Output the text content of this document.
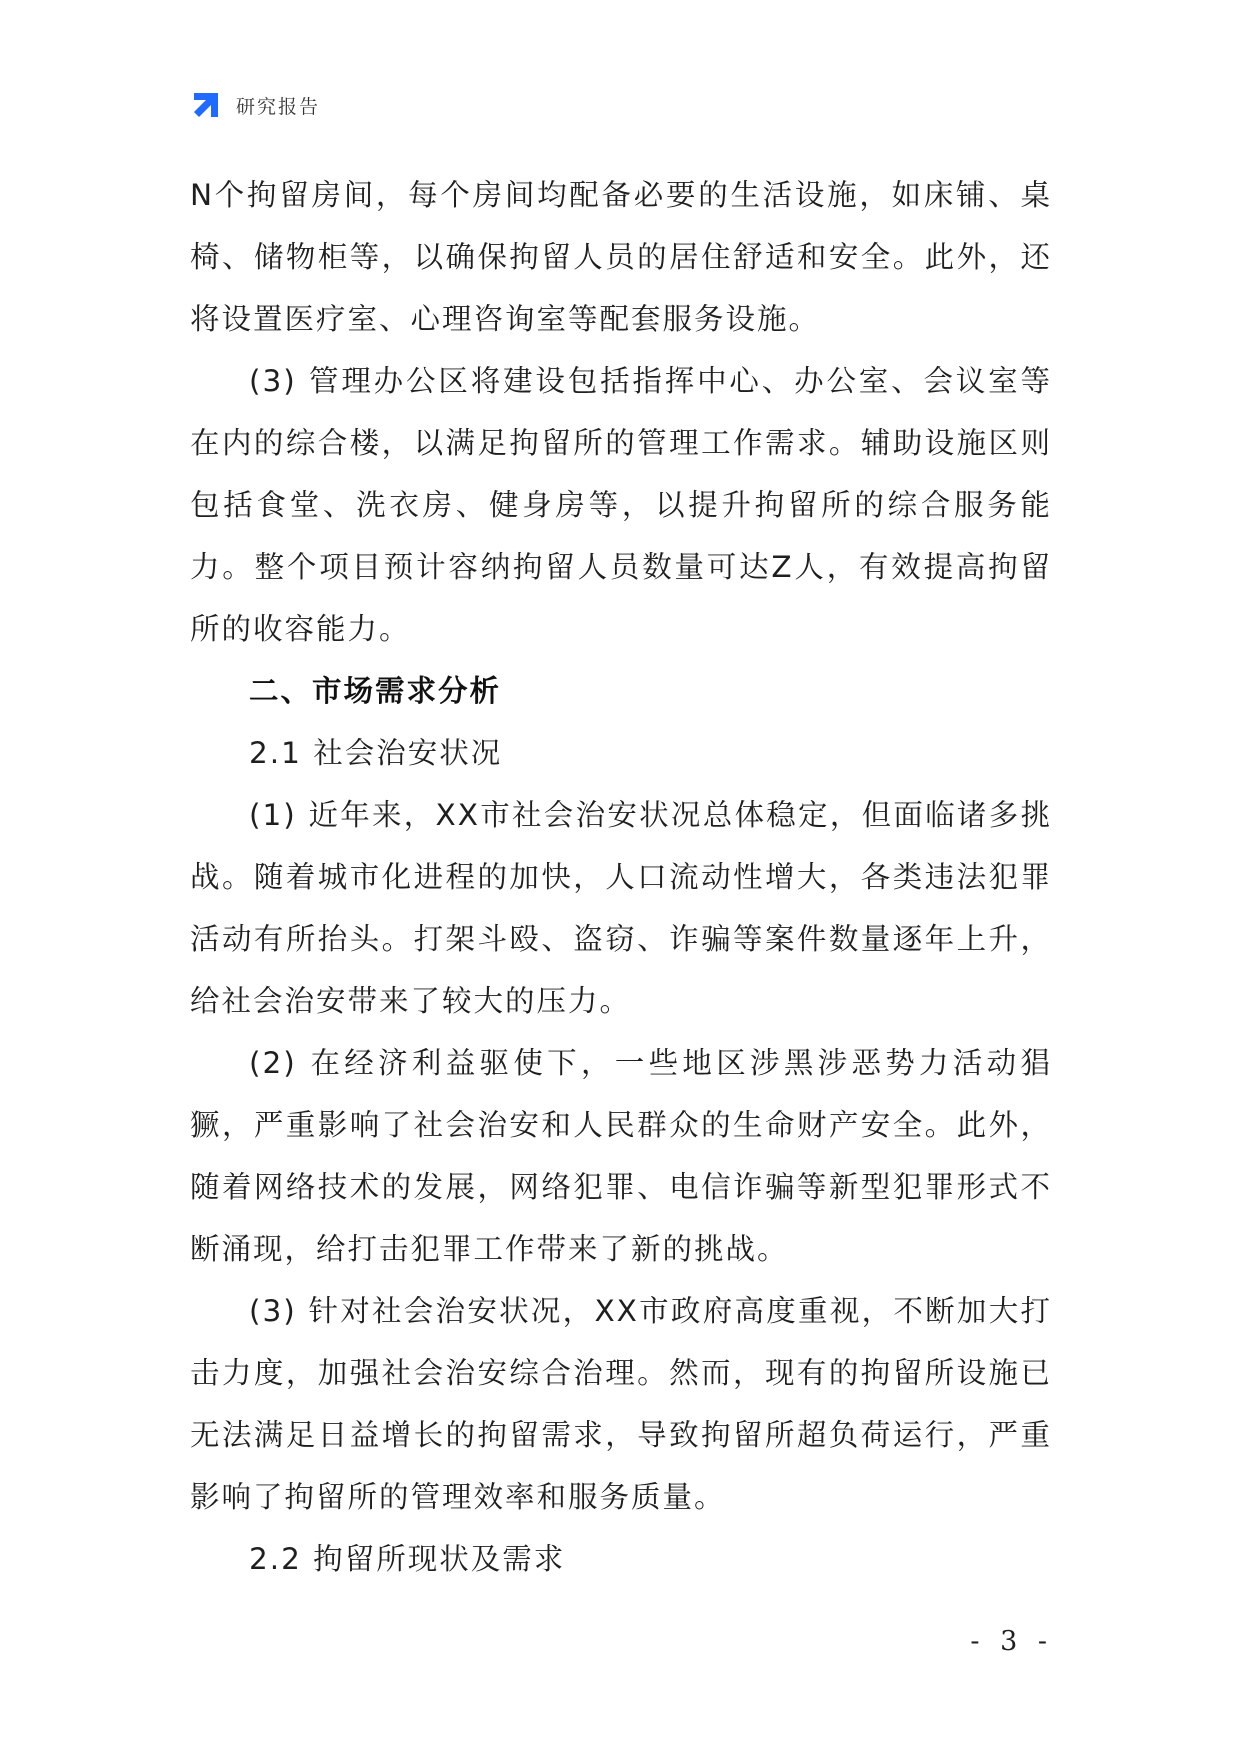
研究报告

N个拘留房间，每个房间均配备必要的生活设施，如床铺、桌椅、储物柜等，以确保拘留人员的居住舒适和安全。此外，还将设置医疗室、心理咨询室等配套服务设施。

(3) 管理办公区将建设包括指挥中心、办公室、会议室等在内的综合楼，以满足拘留所的管理工作需求。辅助设施区则包括食堂、洗衣房、健身房等，以提升拘留所的综合服务能力。整个项目预计容纳拘留人员数量可达Z人，有效提高拘留所的收容能力。

二、市场需求分析

2.1 社会治安状况

(1) 近年来，XX市社会治安状况总体稳定，但面临诸多挑战。随着城市化进程的加快，人口流动性增大，各类违法犯罪活动有所抬头。打架斗殴、盗窃、诈骗等案件数量逐年上升，给社会治安带来了较大的压力。

(2) 在经济利益驱使下，一些地区涉黑涉恶势力活动猖獗，严重影响了社会治安和人民群众的生命财产安全。此外，随着网络技术的发展，网络犯罪、电信诈骗等新型犯罪形式不断涌现，给打击犯罪工作带来了新的挑战。

(3) 针对社会治安状况，XX市政府高度重视，不断加大打击力度，加强社会治安综合治理。然而，现有的拘留所设施已无法满足日益增长的拘留需求，导致拘留所超负荷运行，严重影响了拘留所的管理效率和服务质量。

2.2 拘留所现状及需求

- 3 -
